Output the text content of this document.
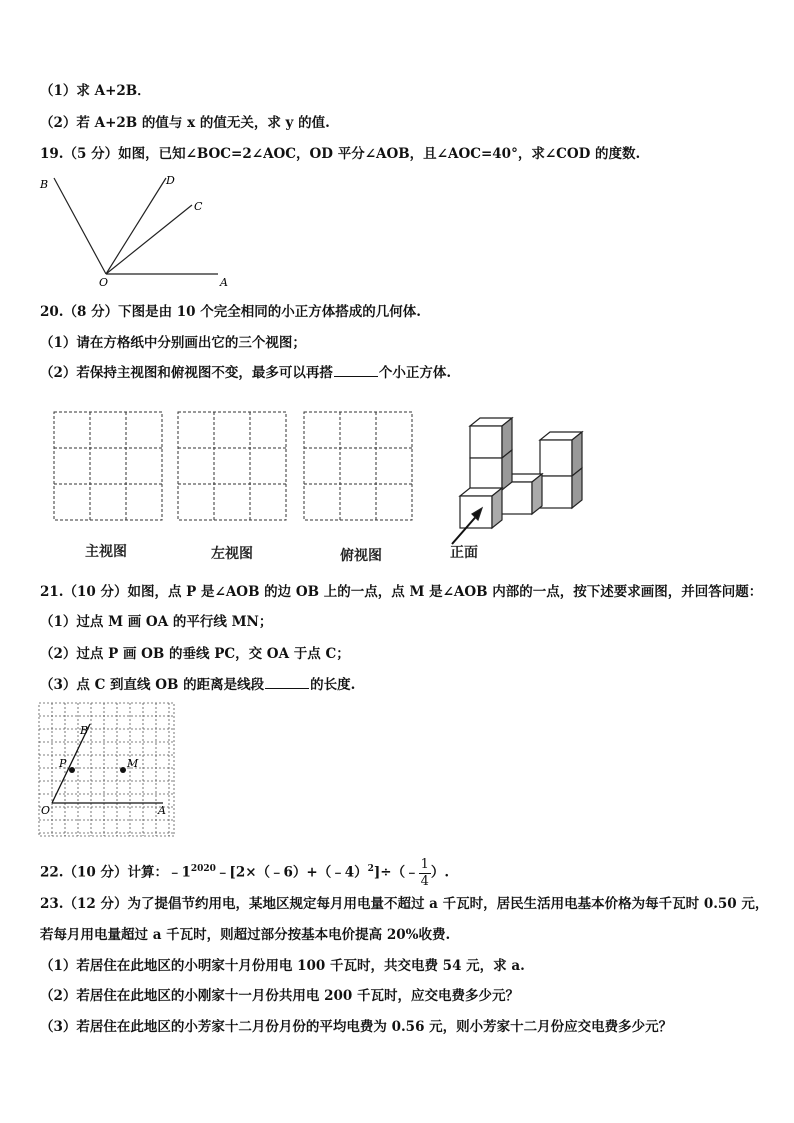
（1）求 A+2B．
（2）若 A+2B 的值与 x 的值无关，求 y 的值.
19.（5 分）如图，已知∠BOC=2∠AOC，OD 平分∠AOB，且∠AOC=40°，求∠COD 的度数.
B	D
C
O	A
20.（8 分）下图是由 10 个完全相同的小正方体搭成的几何体.
（1）请在方格纸中分别画出它的三个视图；
（2）若保持主视图和俯视图不变，最多可以再搭	个小正方体.
主视图	左视图	俯视图	正面
21.（10 分）如图，点 P 是∠AOB 的边 OB 上的一点，点 M 是∠AOB 内部的一点，按下述要求画图，并回答问题：
（1）过点 M 画 OA 的平行线 MN；
（2）过点 P 画 OB 的垂线 PC，交 OA 于点 C；
（3）点 C 到直线 OB 的距离是线段	的长度.
B
P	M
O	A
22.（10 分）计算：$﹣1^{2020}﹣[2\times(﹣6)+(﹣4)^2]\div(﹣ \frac{1}{4}$ ）.
23.（12 分）为了提倡节约用电，某地区规定每月用电量不超过 a 千瓦时，居民生活用电基本价格为每千瓦时 0.50 元，
若每月用电量超过 a 千瓦时，则超过部分按基本电价提高 20%收费.
（1）若居住在此地区的小明家十月份用电 100 千瓦时，共交电费 54 元，求 a.
（2）若居住在此地区的小刚家十一月份共用电 200 千瓦时，应交电费多少元？
（3）若居住在此地区的小芳家十二月份月份的平均电费为 0.56 元，则小芳家十二月份应交电费多少元？
